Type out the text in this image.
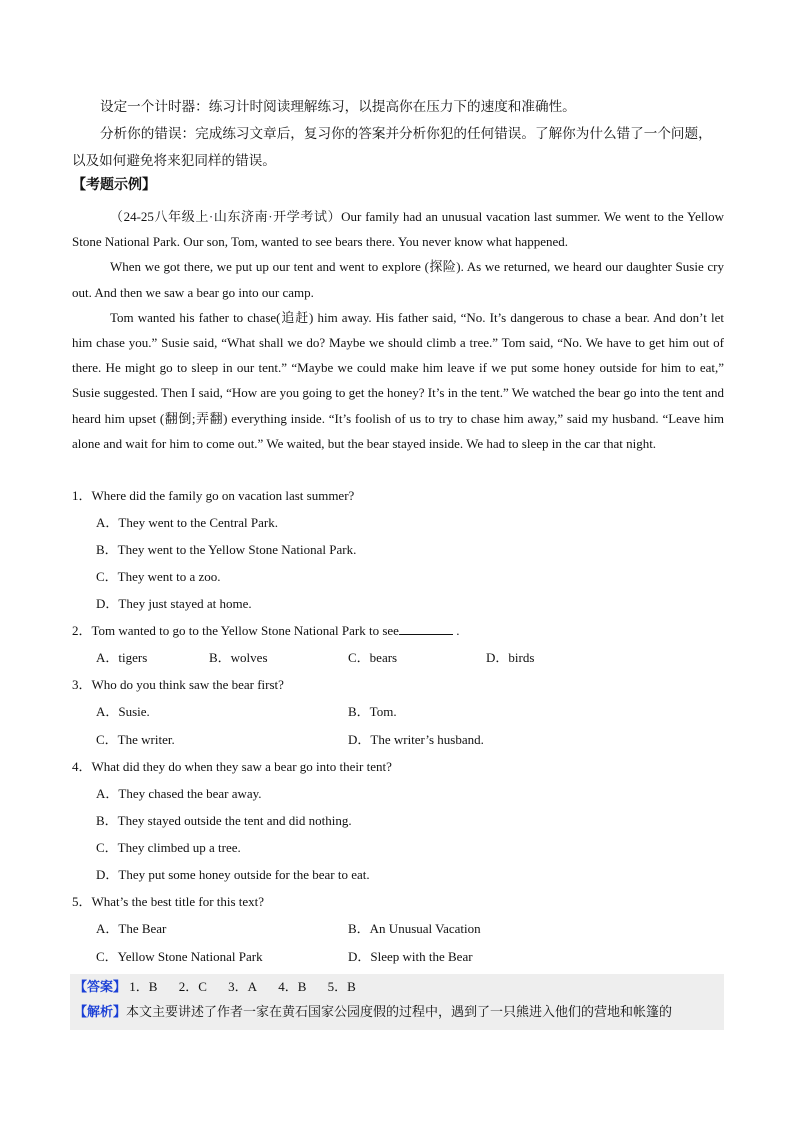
设定一个计时器：练习计时阅读理解练习，以提高你在压力下的速度和准确性。

分析你的错误：完成练习文章后，复习你的答案并分析你犯的任何错误。了解你为什么错了一个问题，

以及如何避免将来犯同样的错误。

【考题示例】

（24-25八年级上·山东济南·开学考试）Our family had an unusual vacation last summer. We went to the Yellow Stone National Park. Our son, Tom, wanted to see bears there. You never know what happened.

When we got there, we put up our tent and went to explore (探险). As we returned, we heard our daughter Susie cry out. And then we saw a bear go into our camp.

Tom wanted his father to chase(追赶) him away. His father said, “No. It’s dangerous to chase a bear. And don’t let him chase you.” Susie said, “What shall we do? Maybe we should climb a tree.” Tom said, “No. We have to get him out of there. He might go to sleep in our tent.” “Maybe we could make him leave if we put some honey outside for him to eat,” Susie suggested. Then I said, “How are you going to get the honey? It’s in the tent.” We watched the bear go into the tent and heard him upset (翻倒;弄翻) everything inside. “It’s foolish of us to try to chase him away,” said my husband. “Leave him alone and wait for him to come out.” We waited, but the bear stayed inside. We had to sleep in the car that night.

1．Where did the family go on vacation last summer?
A．They went to the Central Park.
B．They went to the Yellow Stone National Park.
C．They went to a zoo.
D．They just stayed at home.
2．Tom wanted to go to the Yellow Stone National Park to see	.
A．tigers	B．wolves	C．bears	D．birds
3．Who do you think saw the bear first?
A．Susie.	B．Tom.
C．The writer.	D．The writer’s husband.
4．What did they do when they saw a bear go into their tent?
A．They chased the bear away.
B．They stayed outside the tent and did nothing.
C．They climbed up a tree.
D．They put some honey outside for the bear to eat.
5．What’s the best title for this text?
A．The Bear	B．An Unusual Vacation
C．Yellow Stone National Park	D．Sleep with the Bear
【答案】 1．B 2．C 3．A 4．B 5．B
【解析】本文主要讲述了作者一家在黄石国家公园度假的过程中，遇到了一只熊进入他们的营地和帐篷的
